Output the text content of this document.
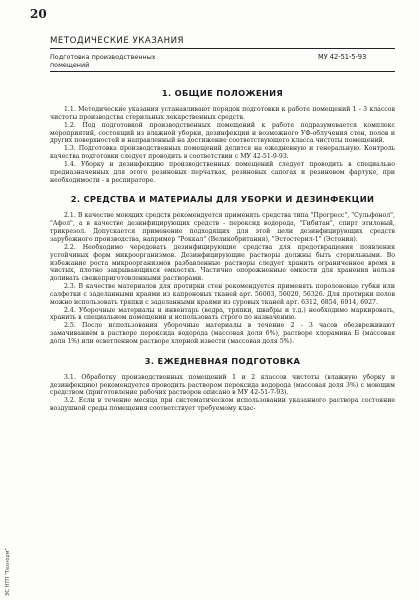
20
МЕТОДИЧЕСКИЕ УКАЗАНИЯ
Подготовка производственных
помещений
МУ 42-51-5-93
1. ОБЩИЕ ПОЛОЖЕНИЯ

1.1. Методические указания устанавливают порядок подготовки к работе помещений 1 - 3 классов чистоты производства стерильных лекарственных средств.

1.2. Под подготовкой производственных помещений к работе подразумевается комплекс мероприятий, состоящий из влажной уборки, дезинфекции и возможного УФ-облучения стен, полов и других поверхностей и направленный на достижение соответствующего класса чистоты помещений.

1.3. Подготовка производственных помещений делится на ежедневную и генеральную. Контроль качества подготовки следует проводить в соответствии с МУ 42-51-9-93.

1.4. Уборку и дезинфекцию производственных помещений следует проводить в специально предназначенных для этого резиновых перчатках, резиновых сапогах и резиновом фартуке, при необходимости - в респираторе.

2. СРЕДСТВА И МАТЕРИАЛЫ ДЛЯ УБОРКИ И ДЕЗИНФЕКЦИИ

2.1. В качестве моющих средств рекомендуется применять средства типа "Прогресс", "Сульфонол", "Афол", а в качестве дезинфицирующих средств - пероксид водорода, "Гибитан", спирт этиловый, трикрезол. Допускается применение подходящих для этой цели дезинфицирующих средств зарубежного производства, например "Роккал" (Великобритания), "Эстостерил-1" (Эстония).

2.2. Необходимо чередовать дезинфицирующие средства для предотвращения появления устойчивых форм микроорганизмов. Дезинфицирующие растворы должны быть стерильными. Во избежание роста микроорганизмов разбавленные растворы следует хранить ограниченное время в чистых, плотно закрывающихся емкостях. Частично опорожненные емкости для хранения нельзя доливать свежеприготовленными растворами.

2.3. В качестве материалов для протирки стен рекомендуется применять поролоновые губки или салфетки с заделанными краями из капроновых тканей арт. 56003, 56020, 56326. Для протирки полов можно использовать тряпки с заделанными краями из суровых тканей арт. 6312, 6854, 6914, 6927.

2.4. Уборочные материалы и инвентарь (ведра, тряпки, швабры и т.д.) необходимо маркировать, хранить в специальном помещении и использовать строго по назначению.

2.5. После использования уборочные материалы в течение 2 - 3 часов обезвреживают замачиванием в растворе пероксида водорода (массовая доля 6%), растворе хлорамина Б (массовая доля 1%) или осветленном растворе хлорной извести (массовая доля 5%).

3. ЕЖЕДНЕВНАЯ ПОДГОТОВКА

3.1. Обработку производственных помещений 1 и 2 классов чистоты (влажную уборку и дезинфекцию) рекомендуется проводить раствором пероксида водорода (массовая доля 3%) с моющим средством (приготовление рабочих растворов описано в МУ 42-51-7-93).

3.2. Если в течение месяца при систематическом использовании указанного раствора состояние воздушной среды помещения соответствует требуемому клас-

ЭС НТП "Технорм"
